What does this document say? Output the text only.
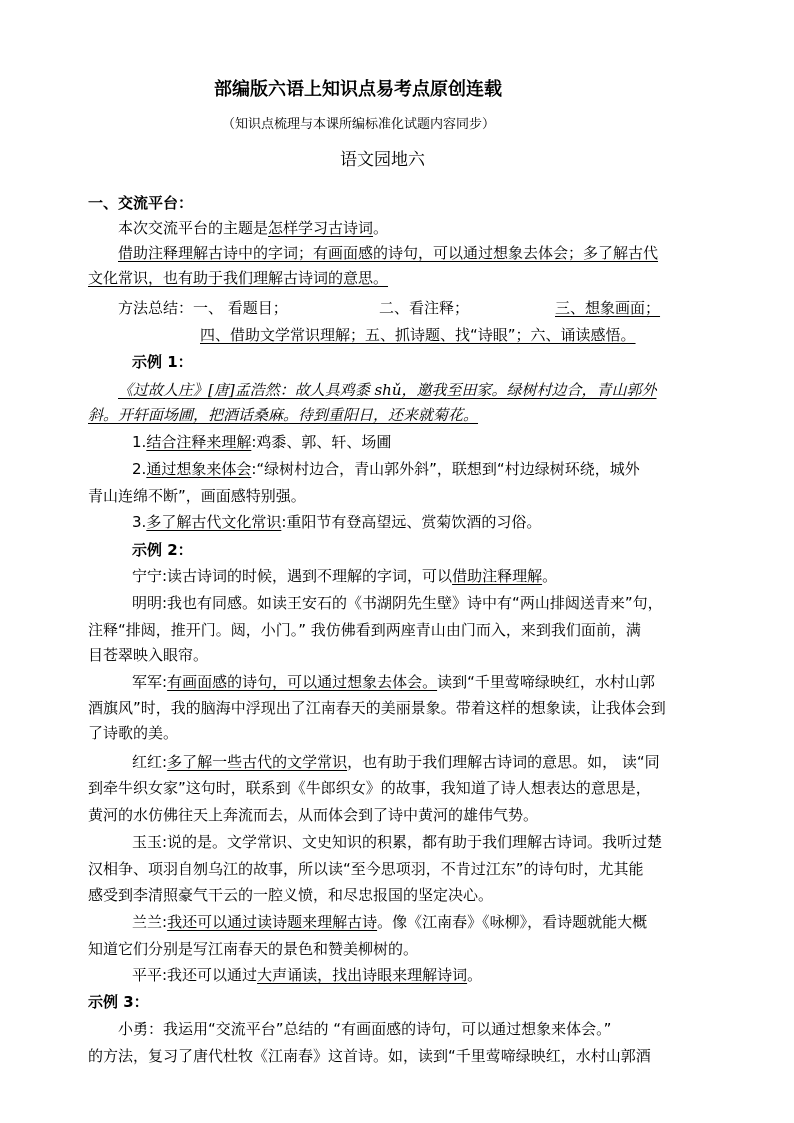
部编版六语上知识点易考点原创连载
（知识点梳理与本课所编标准化试题内容同步）
语文园地六
一、交流平台：
本次交流平台的主题是怎样学习古诗词。
借助注释理解古诗中的字词；有画面感的诗句，可以通过想象去体会；多了解古代
文化常识，也有助于我们理解古诗词的意思。
方法总结：一、 看题目；	二、看注释；	三、想象画面；
四、借助文学常识理解；五、抓诗题、找“诗眼”；六、诵读感悟。
示例 1：
《过故人庄》[唐]孟浩然：故人具鸡黍 shǔ，邀我至田家。绿树村边合，青山郭外
斜。开轩面场圃，把酒话桑麻。待到重阳日，还来就菊花。
1.结合注释来理解:鸡黍、郭、轩、场圃
2.通过想象来体会:“绿树村边合，青山郭外斜”，联想到“村边绿树环绕，城外
青山连绵不断”，画面感特别强。
3.多了解古代文化常识:重阳节有登高望远、赏菊饮酒的习俗。
示例 2：
宁宁:读古诗词的时候，遇到不理解的字词，可以借助注释理解。
明明:我也有同感。如读王安石的《书湖阴先生壁》诗中有“两山排闼送青来”句，
注释“排闼，推开门。闼，小门。” 我仿佛看到两座青山由门而入，来到我们面前，满
目苍翠映入眼帘。
军军:有画面感的诗句，可以通过想象去体会。读到“千里莺啼绿映红，水村山郭
酒旗风”时，我的脑海中浮现出了江南春天的美丽景象。带着这样的想象读，让我体会到
了诗歌的美。
红红:多了解一些古代的文学常识，也有助于我们理解古诗词的意思。如， 读“同
到牵牛织女家”这句时，联系到《牛郎织女》的故事，我知道了诗人想表达的意思是，
黄河的水仿佛往天上奔流而去，从而体会到了诗中黄河的雄伟气势。
玉玉:说的是。文学常识、文史知识的积累，都有助于我们理解古诗词。我听过楚
汉相争、项羽自刎乌江的故事，所以读“至今思项羽，不肯过江东”的诗句时，尤其能
感受到李清照豪气干云的一腔义愤，和尽忠报国的坚定决心。
兰兰:我还可以通过读诗题来理解古诗。像《江南春》《咏柳》，看诗题就能大概
知道它们分别是写江南春天的景色和赞美柳树的。
平平:我还可以通过大声诵读，找出诗眼来理解诗词。
示例 3：
小勇：我运用“交流平台”总结的 “有画面感的诗句，可以通过想象来体会。”
的方法，复习了唐代杜牧《江南春》这首诗。如，读到“千里莺啼绿映红，水村山郭酒
